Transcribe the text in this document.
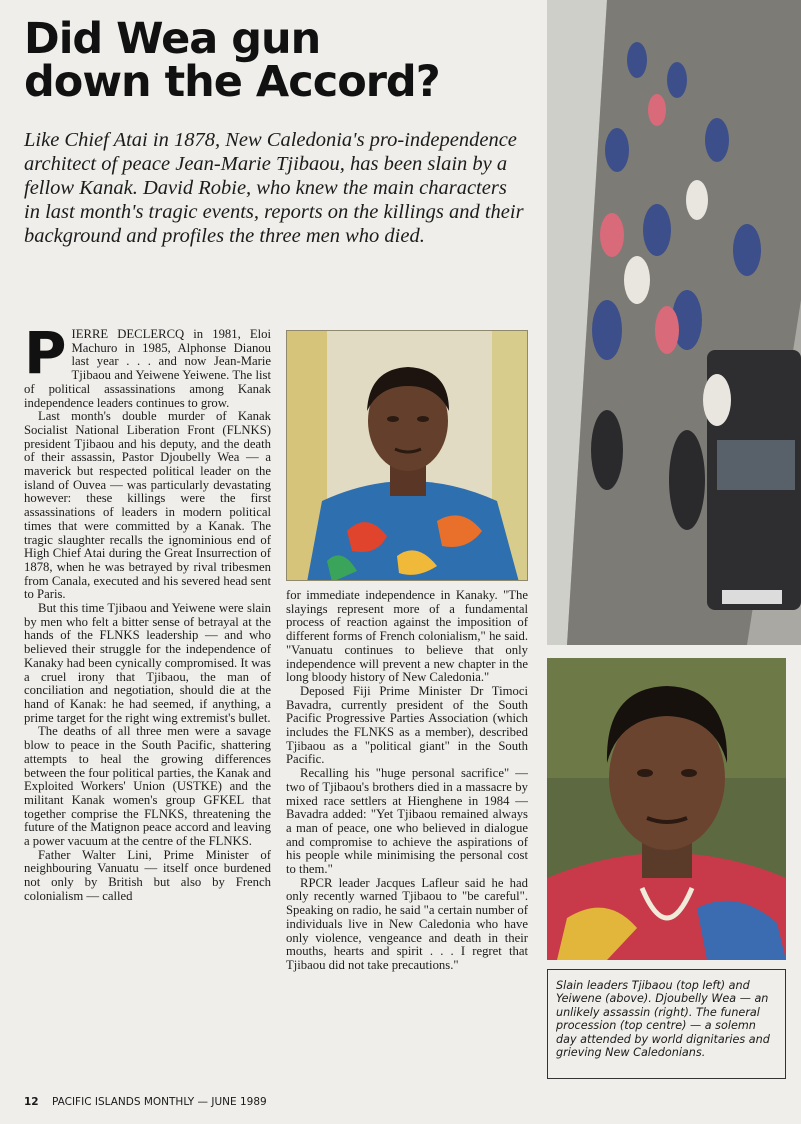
Did Wea gun
down the Accord?

Like Chief Atai in 1878, New Caledonia's pro-independence architect of peace Jean-Marie Tjibaou, has been slain by a fellow Kanak. David Robie, who knew the main characters in last month's tragic events, reports on the killings and their background and profiles the three men who died.

PIERRE DECLERCQ in 1981, Eloi Machuro in 1985, Alphonse Dianou last year . . . and now Jean-Marie Tjibaou and Yeiwene Yeiwene. The list of political assassinations among Kanak independence leaders continues to grow.

Last month's double murder of Kanak Socialist National Liberation Front (FLNKS) president Tjibaou and his deputy, and the death of their assassin, Pastor Djoubelly Wea — a maverick but respected political leader on the island of Ouvea — was particularly devastating however: these killings were the first assassinations of leaders in modern political times that were committed by a Kanak. The tragic slaughter recalls the ignominious end of High Chief Atai during the Great Insurrection of 1878, when he was betrayed by rival tribesmen from Canala, executed and his severed head sent to Paris.

But this time Tjibaou and Yeiwene were slain by men who felt a bitter sense of betrayal at the hands of the FLNKS leadership — and who believed their struggle for the independence of Kanaky had been cynically compromised. It was a cruel irony that Tjibaou, the man of conciliation and negotiation, should die at the hand of Kanak: he had seemed, if anything, a prime target for the right wing extremist's bullet.

The deaths of all three men were a savage blow to peace in the South Pacific, shattering attempts to heal the growing differences between the four political parties, the Kanak and Exploited Workers' Union (USTKE) and the militant Kanak women's group GFKEL that together comprise the FLNKS, threatening the future of the Matignon peace accord and leaving a power vacuum at the centre of the FLNKS.

Father Walter Lini, Prime Minister of neighbouring Vanuatu — itself once burdened not only by British but also by French colonialism — called

for immediate independence in Kanaky. "The slayings represent more of a fundamental process of reaction against the imposition of different forms of French colonialism," he said. "Vanuatu continues to believe that only independence will prevent a new chapter in the long bloody history of New Caledonia."

Deposed Fiji Prime Minister Dr Timoci Bavadra, currently president of the South Pacific Progressive Parties Association (which includes the FLNKS as a member), described Tjibaou as a "political giant" in the South Pacific.

Recalling his "huge personal sacrifice" — two of Tjibaou's brothers died in a massacre by mixed race settlers at Hienghene in 1984 — Bavadra added: "Yet Tjibaou remained always a man of peace, one who believed in dialogue and compromise to achieve the aspirations of his people while minimising the personal cost to them."

RPCR leader Jacques Lafleur said he had only recently warned Tjibaou to "be careful". Speaking on radio, he said "a certain number of individuals live in New Caledonia who have only violence, vengeance and death in their mouths, hearts and spirit . . . I regret that Tjibaou did not take precautions."

Slain leaders Tjibaou (top left) and Yeiwene (above). Djoubelly Wea — an unlikely assassin (right). The funeral procession (top centre) — a solemn day attended by world dignitaries and grieving New Caledonians.
12 PACIFIC ISLANDS MONTHLY — JUNE 1989
